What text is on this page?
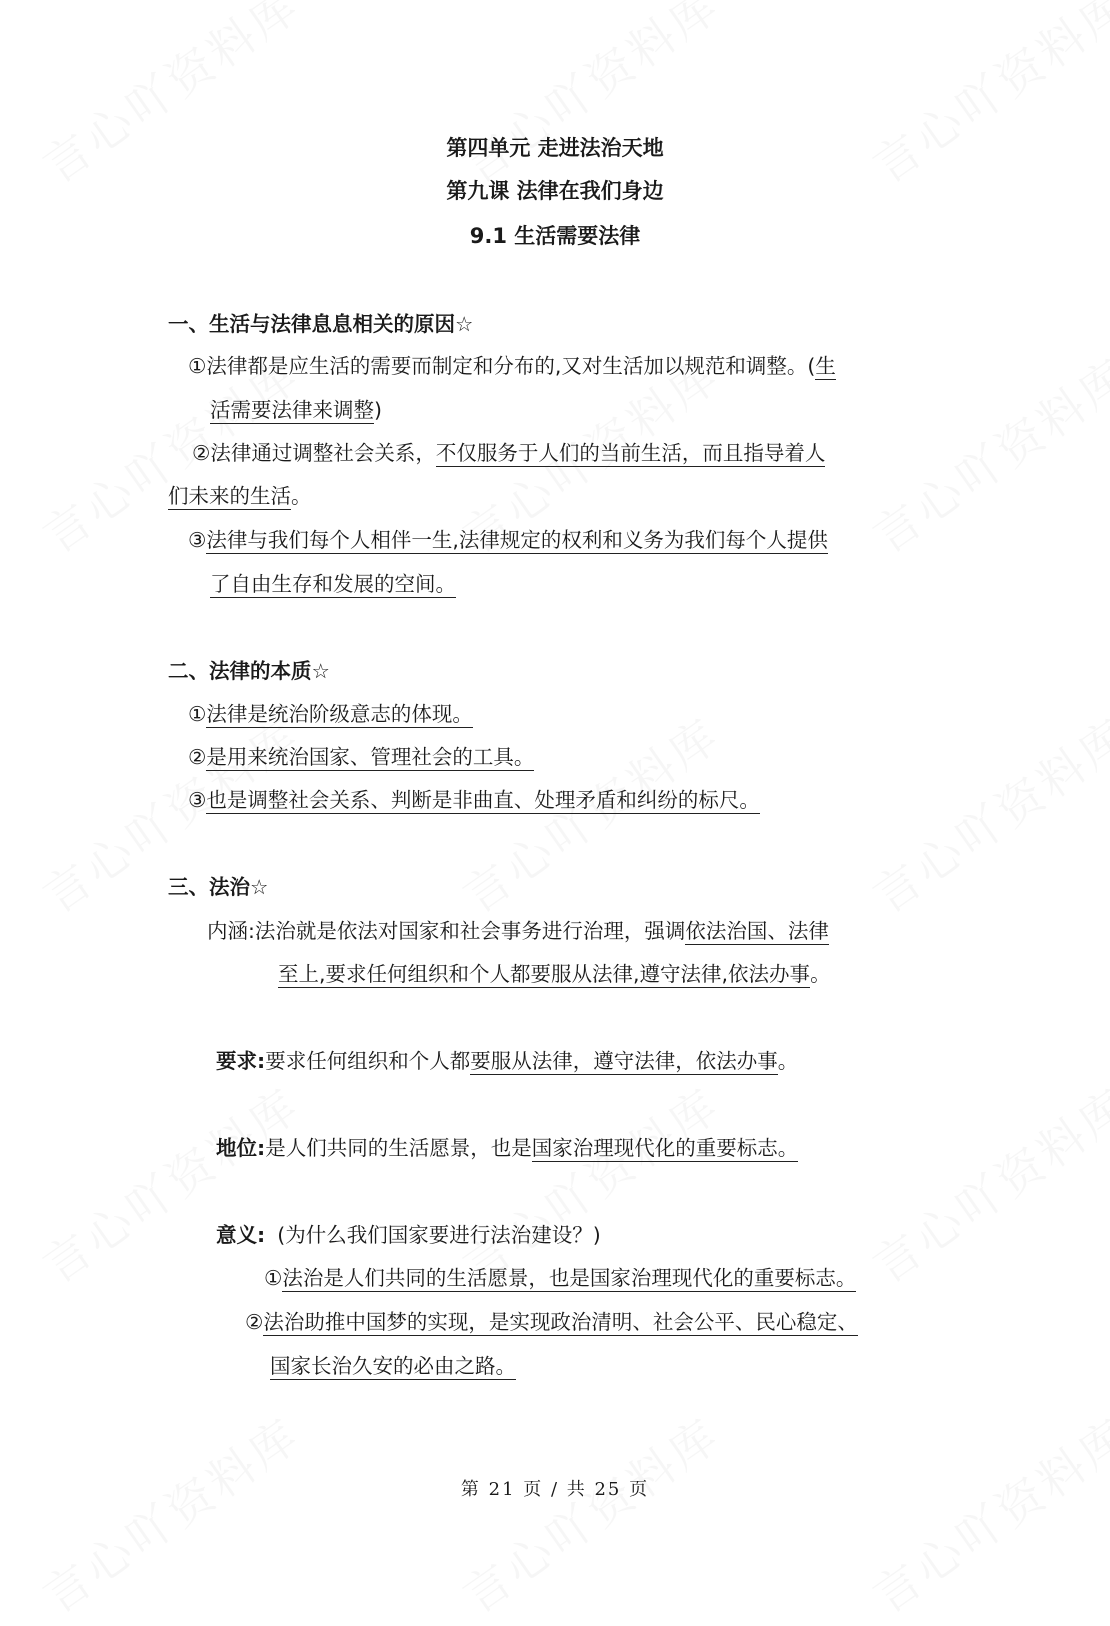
第四单元 走进法治天地
第九课 法律在我们身边
9.1 生活需要法律
一、生活与法律息息相关的原因☆
①法律都是应生活的需要而制定和分布的,又对生活加以规范和调整。(生
活需要法律来调整)
②法律通过调整社会关系，不仅服务于人们的当前生活，而且指导着人
们未来的生活。
③法律与我们每个人相伴一生,法律规定的权利和义务为我们每个人提供
了自由生存和发展的空间。
二、法律的本质☆
①法律是统治阶级意志的体现。
②是用来统治国家、管理社会的工具。
③也是调整社会关系、判断是非曲直、处理矛盾和纠纷的标尺。
三、法治☆
内涵:法治就是依法对国家和社会事务进行治理，强调依法治国、法律
至上,要求任何组织和个人都要服从法律,遵守法律,依法办事。
要求:要求任何组织和个人都要服从法律，遵守法律，依法办事。
地位:是人们共同的生活愿景，也是国家治理现代化的重要标志。
意义: (为什么我们国家要进行法治建设？)
①法治是人们共同的生活愿景，也是国家治理现代化的重要标志。
②法治助推中国梦的实现，是实现政治清明、社会公平、民心稳定、
国家长治久安的必由之路。
第 21 页 / 共 25 页
